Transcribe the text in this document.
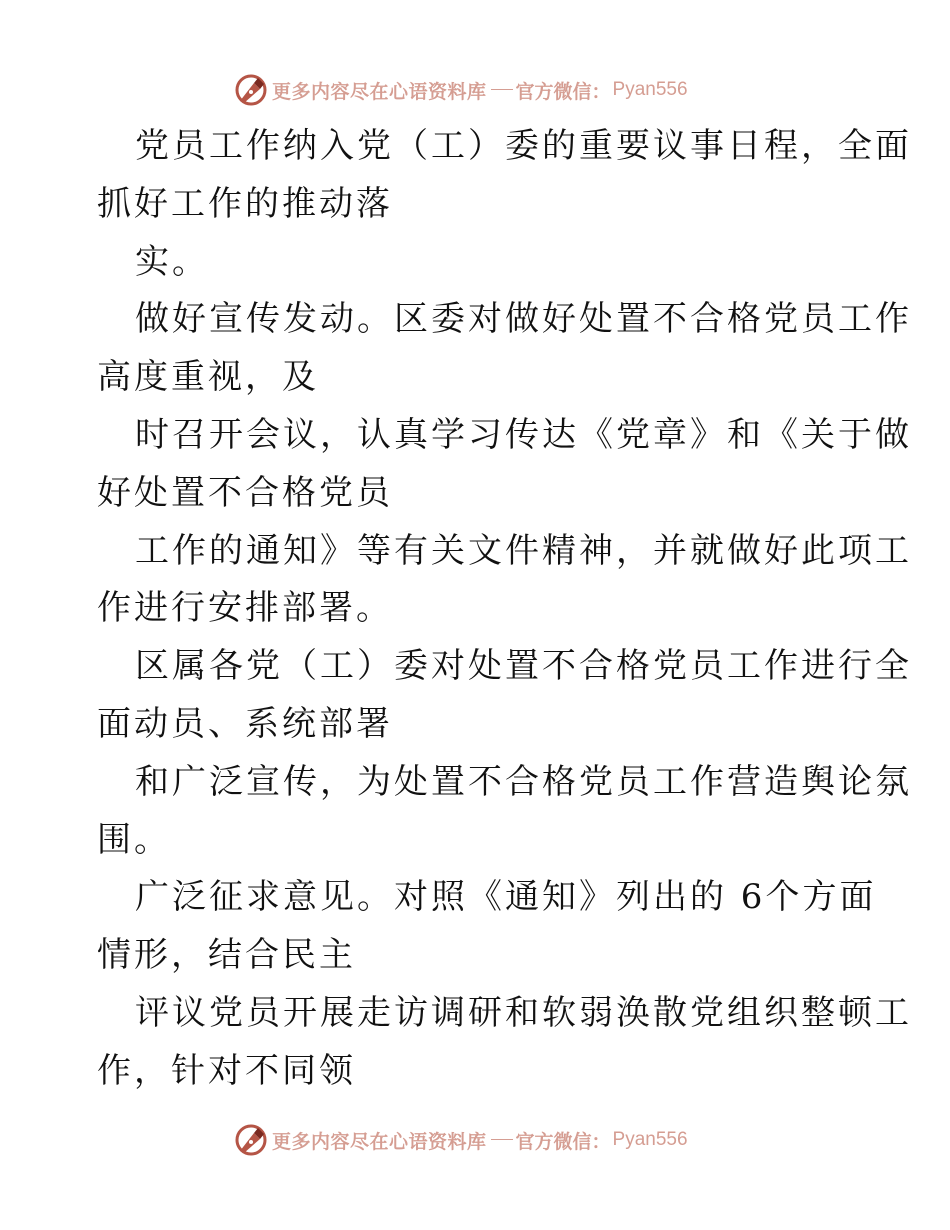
更多内容尽在心语资料库 官方微信： Pyan556
党员工作纳入党（工）委的重要议事日程，全面
抓好工作的推动落
实。
做好宣传发动。区委对做好处置不合格党员工作
高度重视，及
时召开会议，认真学习传达《党章》和《关于做
好处置不合格党员
工作的通知》等有关文件精神，并就做好此项工
作进行安排部署。
区属各党（工）委对处置不合格党员工作进行全
面动员、系统部署
和广泛宣传，为处置不合格党员工作营造舆论氛
围。
广泛征求意见。对照《通知》列出的 6个方面
情形，结合民主
评议党员开展走访调研和软弱涣散党组织整顿工
作，针对不同领
更多内容尽在心语资料库 官方微信： Pyan556
